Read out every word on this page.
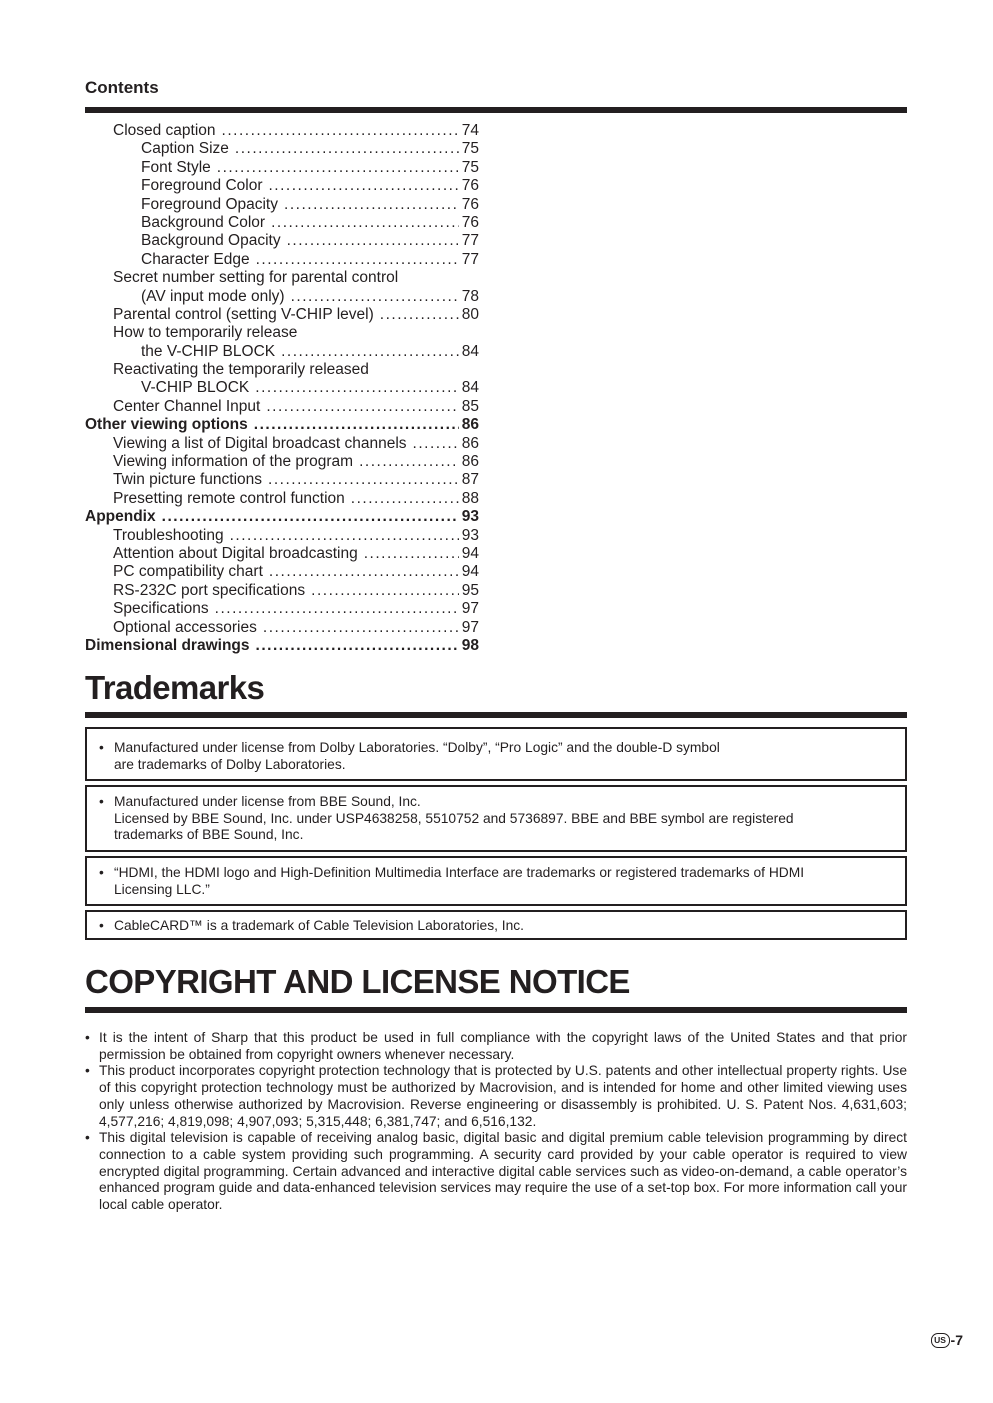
Contents
Closed caption . . .	74
Caption Size . . .	75
Font Style . . .	75
Foreground Color . . .	76
Foreground Opacity . . .	76
Background Color . . .	76
Background Opacity . . .	77
Character Edge . . .	77
Secret number setting for parental control
(AV input mode only) . . .	78
Parental control (setting V-CHIP level) . . .	80
How to temporarily release
the V-CHIP BLOCK . . .	84
Reactivating the temporarily released
V-CHIP BLOCK . . .	84
Center Channel Input . . .	85
Other viewing options . . .	86
Viewing a list of Digital broadcast channels . . .	86
Viewing information of the program . . .	86
Twin picture functions . . .	87
Presetting remote control function . . .	88
Appendix . . .	93
Troubleshooting . . .	93
Attention about Digital broadcasting . . .	94
PC compatibility chart . . .	94
RS-232C port specifications . . .	95
Specifications . . .	97
Optional accessories . . .	97
Dimensional drawings . . .	98
Trademarks
• Manufactured under license from Dolby Laboratories. “Dolby”, “Pro Logic” and the double-D symbol
are trademarks of Dolby Laboratories.
• Manufactured under license from BBE Sound, Inc.
Licensed by BBE Sound, Inc. under USP4638258, 5510752 and 5736897. BBE and BBE symbol are registered
trademarks of BBE Sound, Inc.
• “HDMI, the HDMI logo and High-Definition Multimedia Interface are trademarks or registered trademarks of HDMI
Licensing LLC.”
• CableCARD™ is a trademark of Cable Television Laboratories, Inc.
COPYRIGHT AND LICENSE NOTICE
• It is the intent of Sharp that this product be used in full compliance with the copyright laws of the United States and that prior permission be obtained from copyright owners whenever necessary.
• This product incorporates copyright protection technology that is protected by U.S. patents and other intellectual property rights. Use of this copyright protection technology must be authorized by Macrovision, and is intended for home and other limited viewing uses only unless otherwise authorized by Macrovision. Reverse engineering or disassembly is prohibited. U. S. Patent Nos. 4,631,603; 4,577,216; 4,819,098; 4,907,093; 5,315,448; 6,381,747; and 6,516,132.
• This digital television is capable of receiving analog basic, digital basic and digital premium cable television programming by direct connection to a cable system providing such programming. A security card provided by your cable operator is required to view encrypted digital programming. Certain advanced and interactive digital cable services such as video-on-demand, a cable operator’s enhanced program guide and data-enhanced television services may require the use of a set-top box. For more information call your local cable operator.
US -7
